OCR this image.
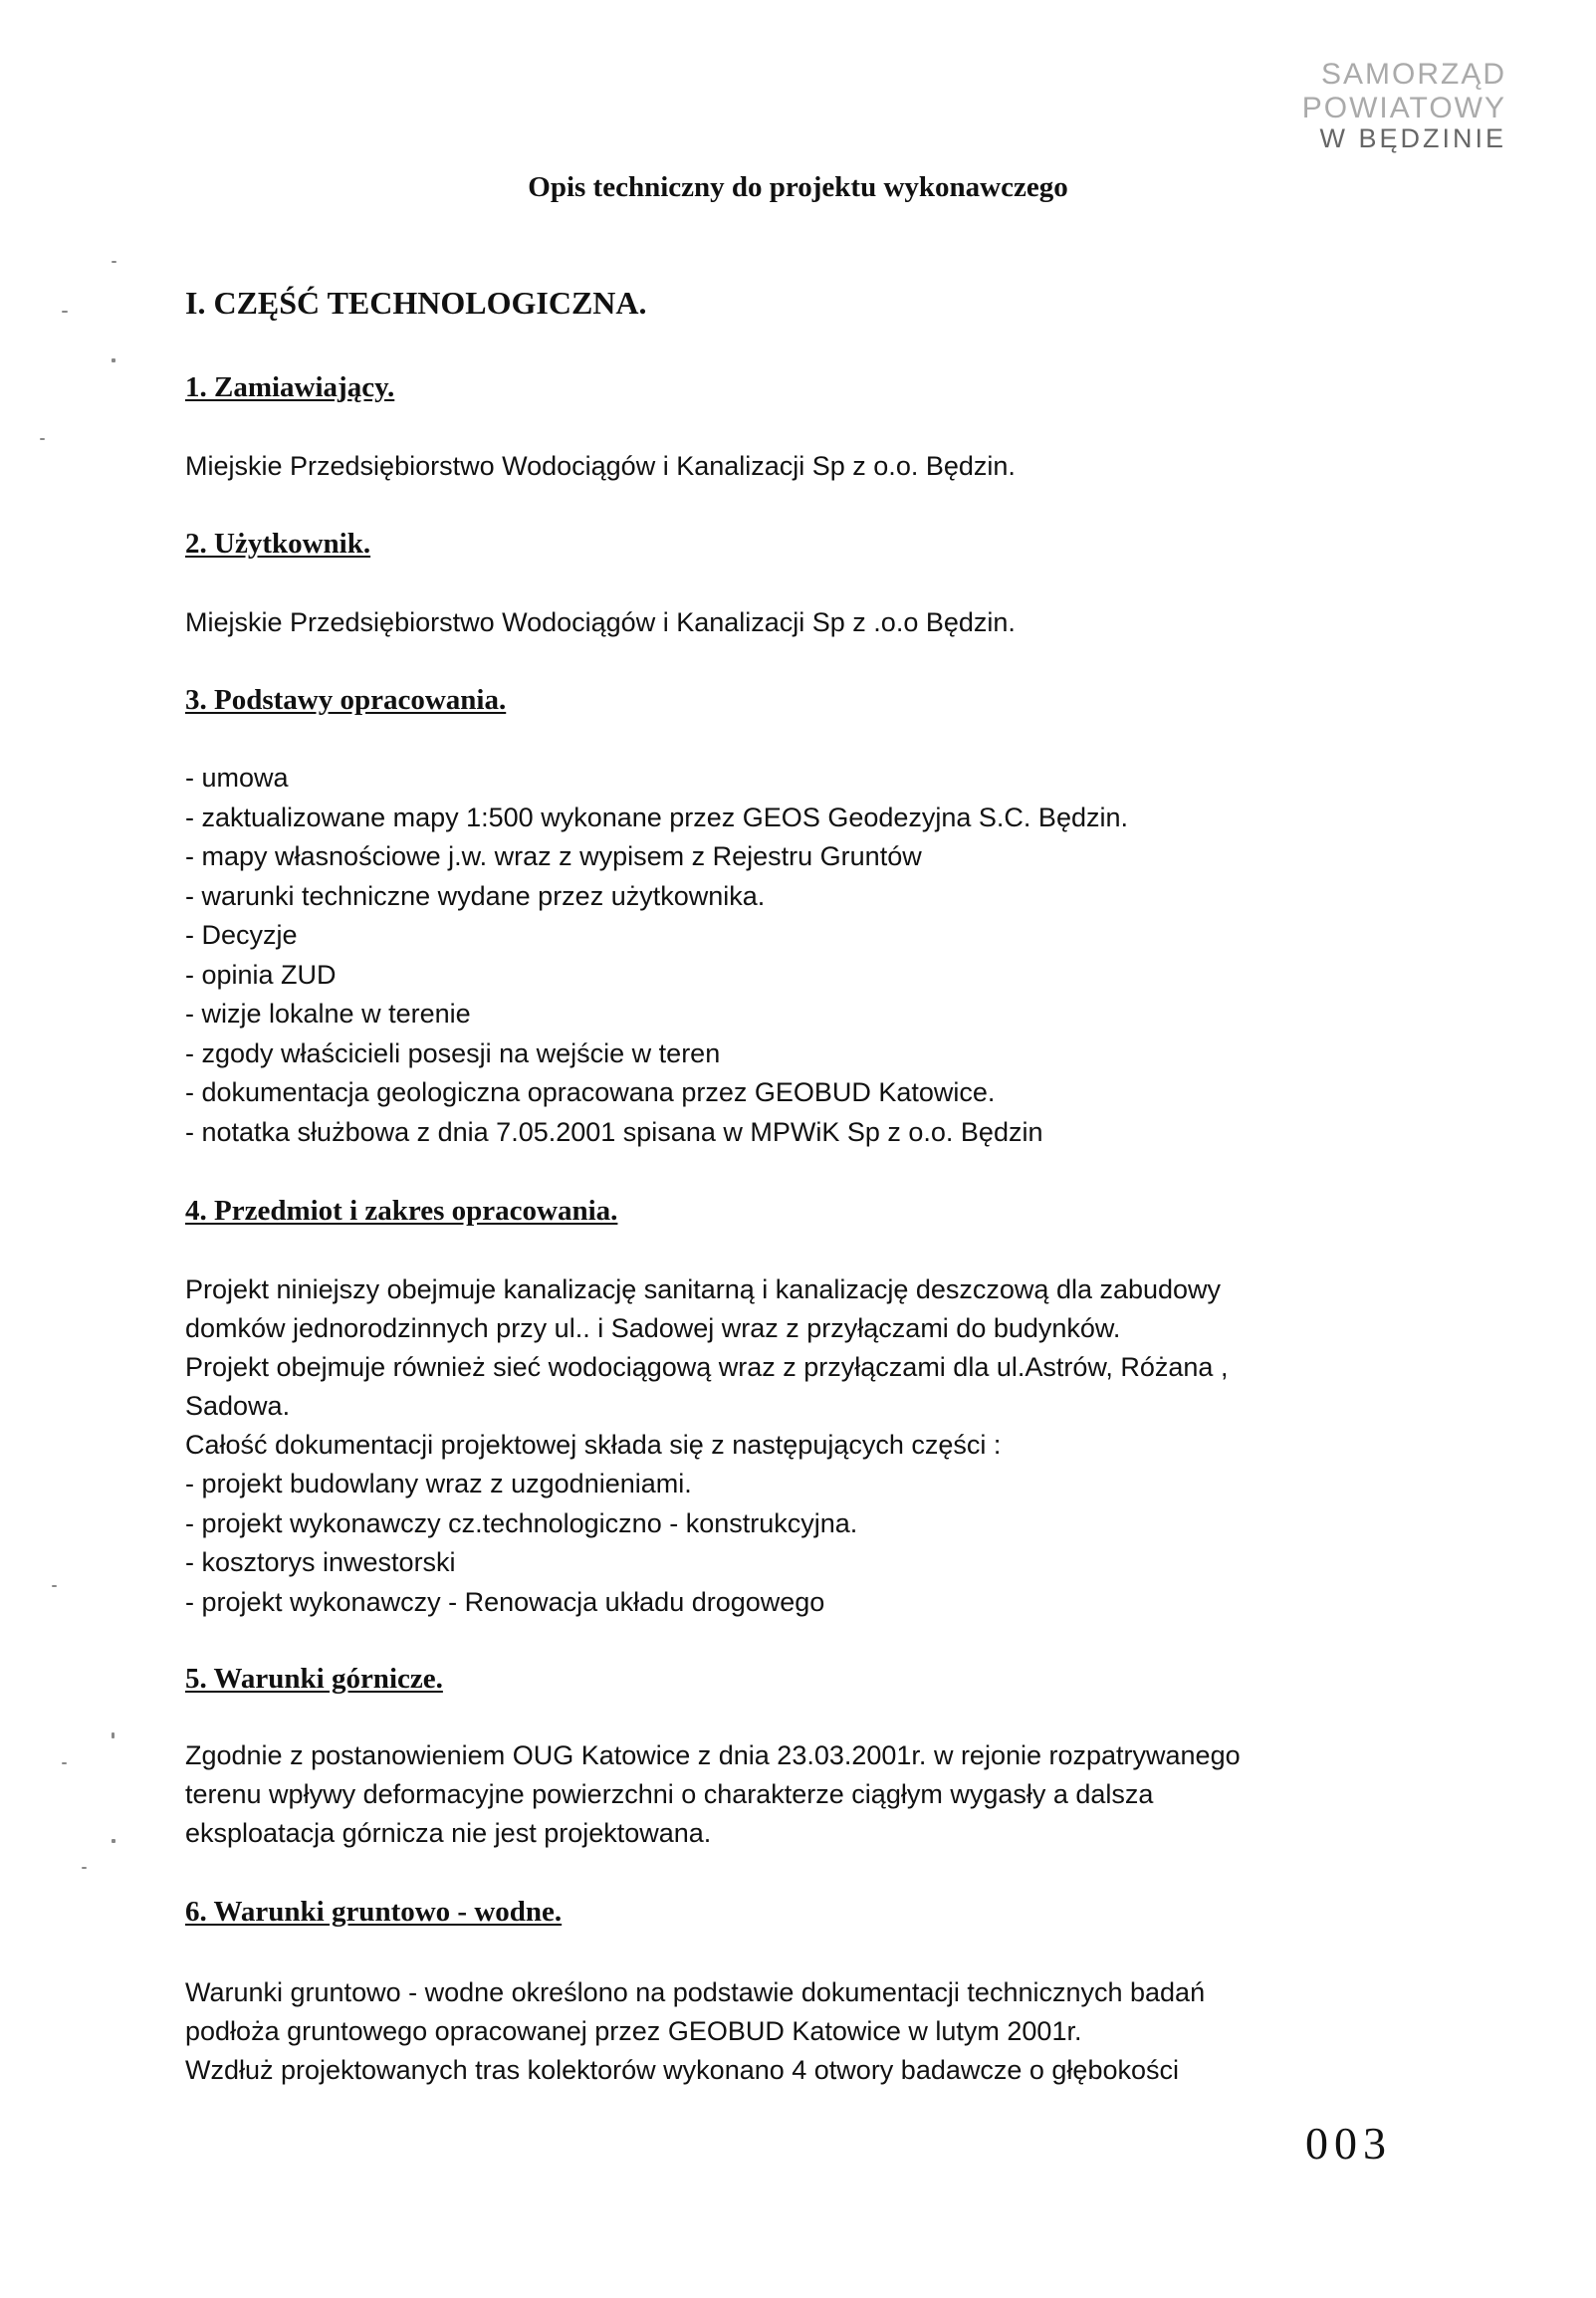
SAMORZĄD POWIATOWY
W BĘDZINIE
Opis techniczny do projektu wykonawczego
I. CZĘŚĆ TECHNOLOGICZNA.
1. Zamiawiający.
Miejskie Przedsiębiorstwo Wodociągów i Kanalizacji Sp z o.o. Będzin.
2. Użytkownik.
Miejskie Przedsiębiorstwo Wodociągów i Kanalizacji Sp z .o.o Będzin.
3. Podstawy opracowania.
- umowa
- zaktualizowane mapy 1:500 wykonane przez GEOS Geodezyjna S.C. Będzin.
- mapy własnościowe j.w. wraz z wypisem z Rejestru Gruntów
- warunki techniczne wydane przez użytkownika.
- Decyzje
- opinia ZUD
- wizje lokalne w terenie
- zgody właścicieli posesji na wejście w teren
- dokumentacja geologiczna opracowana przez GEOBUD Katowice.
- notatka służbowa z dnia 7.05.2001 spisana w MPWiK Sp z o.o. Będzin
4. Przedmiot i zakres opracowania.
Projekt niniejszy obejmuje kanalizację sanitarną i kanalizację deszczową dla zabudowy
domków jednorodzinnych przy ul.. i Sadowej wraz z przyłączami do budynków.
Projekt obejmuje również sieć wodociągową wraz z przyłączami dla ul.Astrów, Różana ,
Sadowa.
Całość dokumentacji projektowej składa się z następujących części :
- projekt budowlany wraz z uzgodnieniami.
- projekt wykonawczy cz.technologiczno - konstrukcyjna.
- kosztorys inwestorski
- projekt wykonawczy - Renowacja układu drogowego
5. Warunki górnicze.
Zgodnie z postanowieniem OUG Katowice z dnia 23.03.2001r. w rejonie rozpatrywanego
terenu wpływy deformacyjne powierzchni o charakterze ciągłym wygasły a dalsza
eksploatacja górnicza nie jest projektowana.
6. Warunki gruntowo - wodne.
Warunki gruntowo - wodne określono na podstawie dokumentacji technicznych badań
podłoża gruntowego opracowanej przez GEOBUD Katowice w lutym 2001r.
Wzdłuż projektowanych tras kolektorów wykonano 4 otwory badawcze o głębokości
003
